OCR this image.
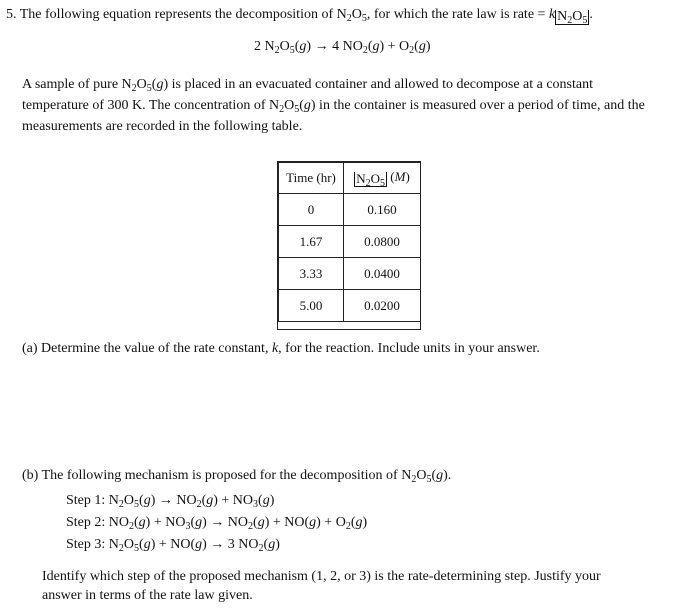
5. The following equation represents the decomposition of $N_2O_5$, for which the rate law is rate = k $N_2O_5$ .
2 $N_2O_5(g) \to 4$ $NO_2(g) + O_2(g)$
A sample of pure $N_2O_5(g)$ is placed in an evacuated container and allowed to decompose at a constant
temperature of 300 K. The concentration of $N_2O_5(g)$ in the container is measured over a period of time, and the
measurements are recorded in the following table.
Time (hr)	$N_2O_5$ (M)
0	0.160
1.67	0.0800
3.33	0.0400
5.00	0.0200
(a) Determine the value of the rate constant, k, for the reaction. Include units in your answer.
(b) The following mechanism is proposed for the decomposition of $N_2O_5(g)$.
Step 1: $N_2O_5(g) \to NO_2(g) + NO_3(g)$
Step 2: $NO_2(g) + NO_3(g) \to NO_2(g) + NO(g) + O_2(g)$
Step 3: $N_2O_5(g) + NO(g) \to 3$ $NO_2(g)$
Identify which step of the proposed mechanism (1, 2, or 3) is the rate-determining step. Justify your
answer in terms of the rate law given.
